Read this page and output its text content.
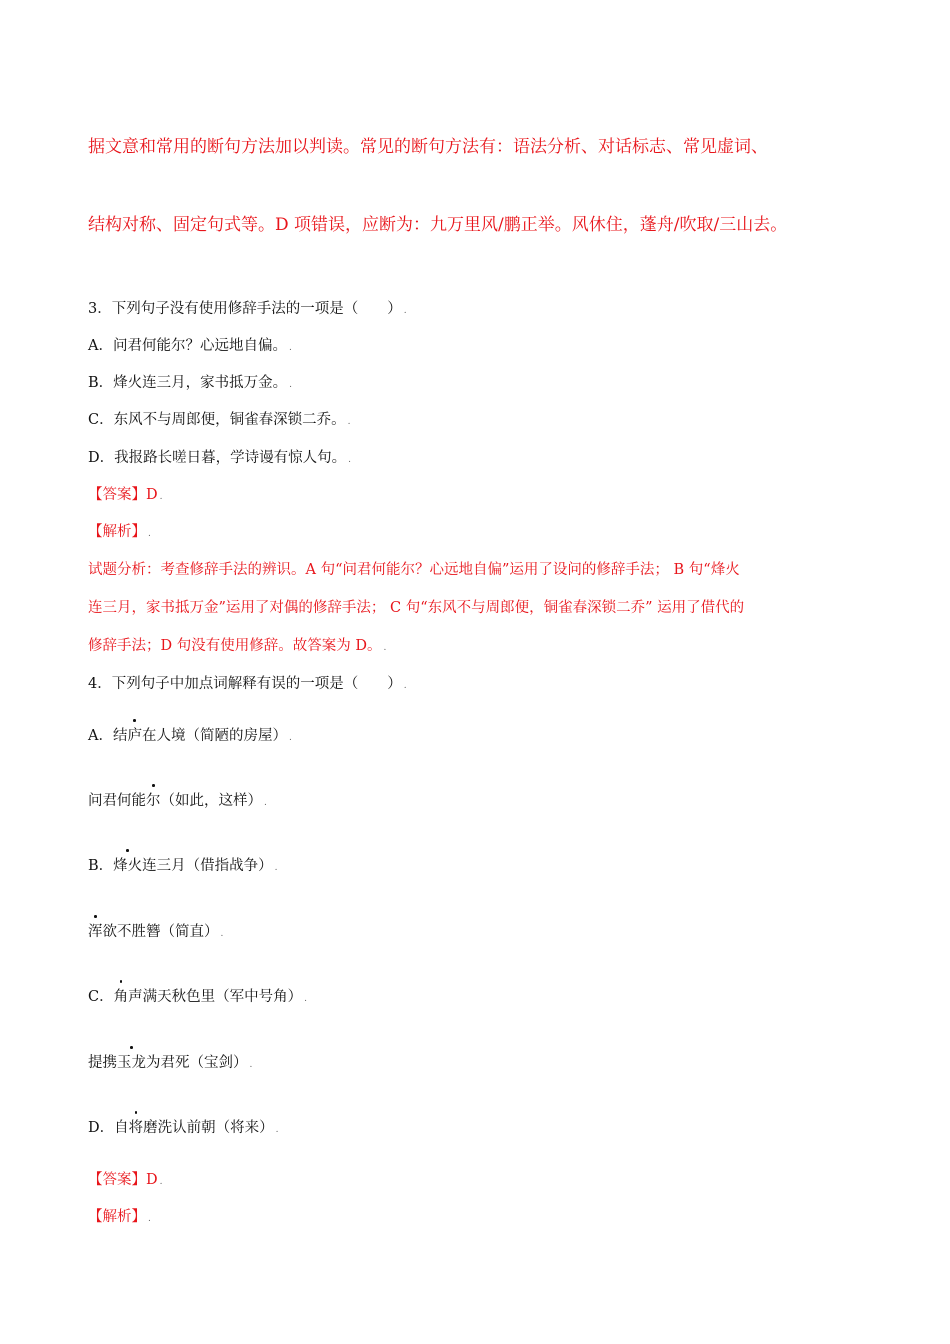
据文意和常用的断句方法加以判读。常见的断句方法有：语法分析、对话标志、常见虚词、
结构对称、固定句式等。D 项错误，应断为：九万里风/鹏正举。风休住，蓬舟/吹取/三山去。
3．下列句子没有使用修辞手法的一项是（　　） .
A．问君何能尔？心远地自偏。 .
B．烽火连三月，家书抵万金。 .
C．东风不与周郎便，铜雀春深锁二乔。 .
D．我报路长嗟日暮，学诗谩有惊人句。 .
【答案】D .
【解析】 .
试题分析：考查修辞手法的辨识。A 句“问君何能尔？心远地自偏”运用了设问的修辞手法； B 句“烽火
连三月，家书抵万金”运用了对偶的修辞手法； C 句“东风不与周郎便，铜雀春深锁二乔” 运用了借代的
修辞手法；D 句没有使用修辞。故答案为 D。 .
4．下列句子中加点词解释有误的一项是（　　） .
A．结庐在人境（简陋的房屋） .
问君何能尔（如此，这样） .
B．烽火连三月（借指战争） .
浑欲不胜簪（简直） .
C．角声满天秋色里（军中号角） .
提携玉龙为君死（宝剑） .
D．自将磨洗认前朝（将来） .
【答案】D .
【解析】 .
